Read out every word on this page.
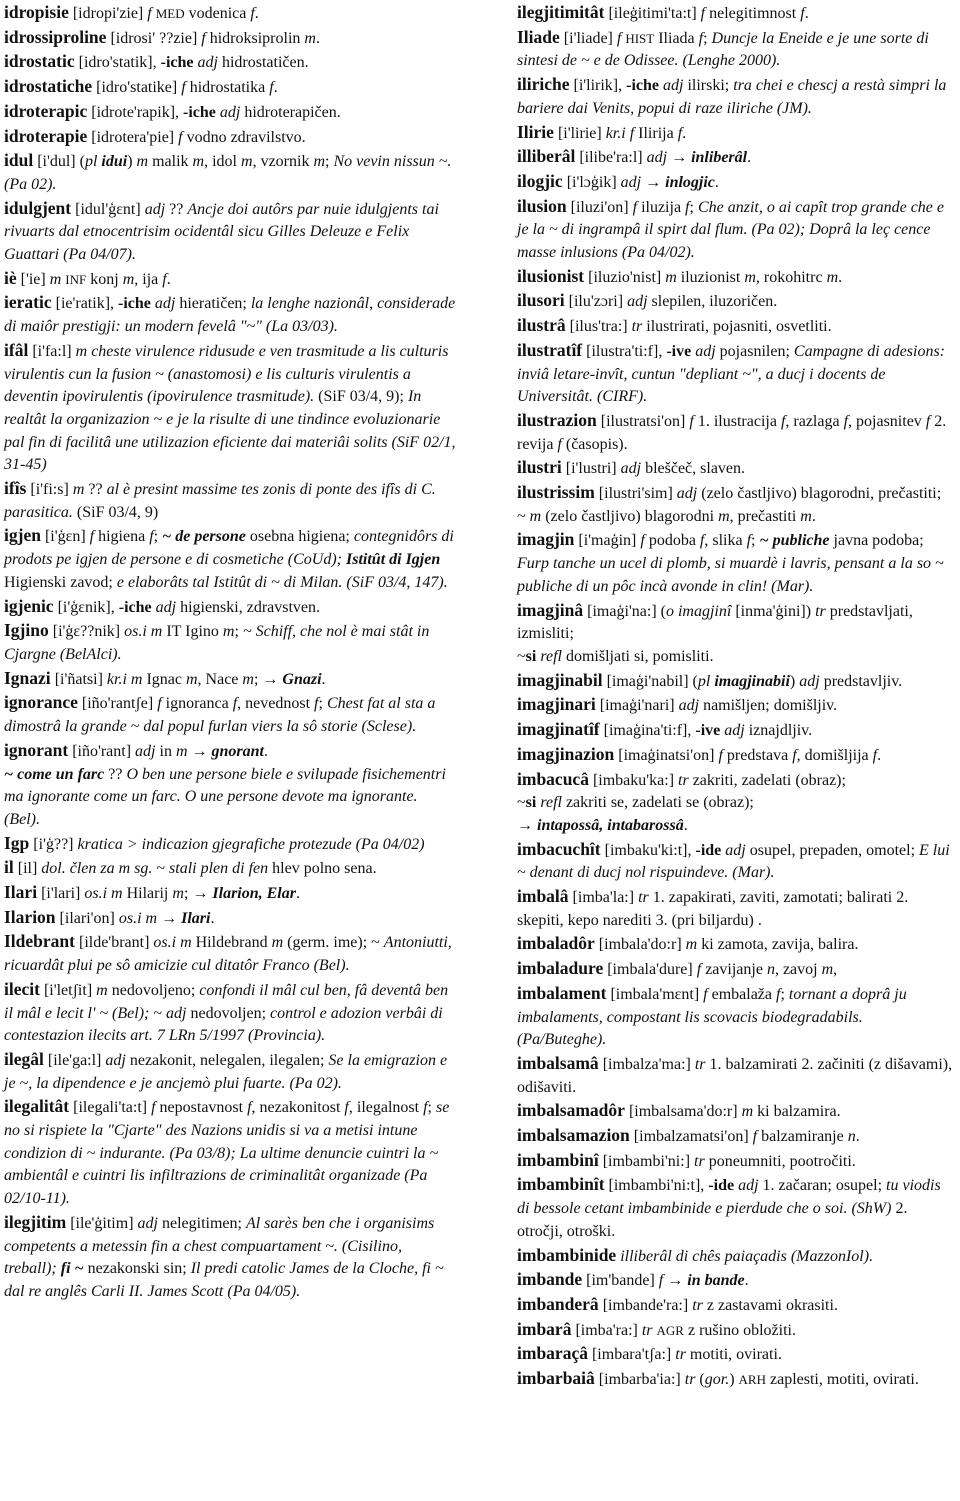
idropisie [idropi'zie] f MED vodenica f.

idrossiproline [idrosi' ??zie] f hidroksiprolin m.

idrostatic [idro'statik], -iche adj hidrostatičen.

idrostatiche [idro'statike] f hidrostatika f.

idroterapic [idrote'rapik], -iche adj hidroterapičen.

idroterapie [idrotera'pie] f vodno zdravilstvo.

idul [i'dul] (pl idui) m malik m, idol m, vzornik m; No vevin nissun ~.(Pa 02).

idulgjent [idul'ģɛnt] adj ?? Ancje doi autôrs par nuie idulgjents tai rivuarts dal etnocentrisim ocidentâl sicu Gilles Deleuze e Felix Guattari (Pa 04/07).

iè ['ie] m INF konj m, ija f.

ieratic [ie'ratik], -iche adj hieratičen; la lenghe nazionâl, considerade di maiôr prestigji: un modern fevelâ "~" (La 03/03).

ifâl [i'fa:l] m cheste virulence ridusude e ven trasmitude a lis culturis virulentis cun la fusion ~ (anastomosi) e lis culturis virulentis a deventin ipovirulentis (ipovirulence trasmitude). (SiF 03/4, 9); In realtât la organizazion ~ e je la risulte di une tindince evoluzionarie pal fin di facilitâ une utilizazion eficiente dai materiâi solits (SiF 02/1, 31-45)

ifîs [i'fi:s] m ?? al è presint massime tes zonis di ponte des ifîs di C. parasitica. (SiF 03/4, 9)

igjen [i'ģɛn] f higiena f; ~ de persone osebna higiena; contegnidôrs di prodots pe igjen de persone e di cosmetiche (CoUd); Istitût di Igjen Higienski zavod; e elaborâts tal Istitût di ~ di Milan. (SiF 03/4, 147).

igjenic [i'ģɛnik], -iche adj higienski, zdravstven.

Igjino [i'ģɛ??nik] os.i m IT Igino m; ~ Schiff, che nol è mai stât in Cjargne (BelAlci).

Ignazi [i'ñatsi] kr.i m Ignac m, Nace m; → Gnazi.

ignorance [iño'rantʃe] f ignoranca f, nevednost f; Chest fat al sta a dimostrâ la grande ~ dal popul furlan viers la sô storie (Sclese).

ignorant [iño'rant] adj in m → gnorant.

~ come un farc ?? O ben une persone biele e svilupade fisichementri ma ignorante come un farc. O une persone devote ma ignorante. (Bel).

Igp [i'ģ??] kratica > indicazion gjegrafiche protezude (Pa 04/02)

il [il] dol. člen za m sg. ~ stali plen di fen hlev polno sena.

Ilari [i'lari] os.i m Hilarij m; → Ilarion, Elar.

Ilarion [ilari'on] os.i m → Ilari.

Ildebrant [ilde'brant] os.i m Hildebrand m (germ. ime); ~ Antoniutti, ricuardât plui pe sô amicizie cul ditatôr Franco (Bel).

ilecit [i'letʃit] m nedovoljeno; confondi il mâl cul ben, fâ deventâ ben il mâl e lecit l' ~ (Bel); ~ adj nedovoljen; control e adozion verbâi di contestazion ilecits art. 7 LRn 5/1997 (Provincia).

ilegâl [ile'ga:l] adj nezakonit, nelegalen, ilegalen; Se la emigrazion e je ~, la dipendence e je ancjemò plui fuarte. (Pa 02).

ilegalitât [ilegali'ta:t] f nepostavnost f, nezakonitost f, ilegalnost f; se no si rispiete la "Cjarte" des Nazions unidis si va a metisi intune condizion di ~ indurante. (Pa 03/8); La ultime denuncie cuintri la ~ ambientâl e cuintri lis infiltrazions de criminalitât organizade (Pa 02/10-11).

ilegjitim [ile'ģitim] adj nelegitimen; Al sarès ben che i organisims competents a metessin fin a chest compuartament ~. (Cisilino, treball); fi ~ nezakonski sin; Il predi catolic James de la Cloche, fi ~ dal re anglês Carli II. James Scott (Pa 04/05).

ilegjitimitât [ileģitimi'ta:t] f nelegitimnost f.

Iliade [i'liade] f HIST Iliada f; Duncje la Eneide e je une sorte di sintesi de ~ e de Odissee. (Lenghe 2000).

iliriche [i'lirik], -iche adj ilirski; tra chei e chescj a restà simpri la bariere dai Venits, popui di raze iliriche (JM).

Ilirie [i'lirie] kr.i f Ilirija f.

illiberâl [ilibe'ra:l] adj → inliberâl.

ilogjic [i'lɔģik] adj → inlogjic.

ilusion [iluzi'on] f iluzija f; Che anzit, o ai capît trop grande che e je la ~ di ingrampâ il spirt dal flum. (Pa 02); Doprâ la leç cence masse inlusions (Pa 04/02).

ilusionist [iluzio'nist] m iluzionist m, rokohitrc m.

ilusori [ilu'zɔri] adj slepilen, iluzoričen.

ilustrâ [ilus'tra:] tr ilustrirati, pojasniti, osvetliti.

ilustratîf [ilustra'ti:f], -ive adj pojasnilen; Campagne di adesions: inviâ letare-invît, cuntun "depliant ~", a ducj i docents de Universitât. (CIRF).

ilustrazion [ilustratsi'on] f 1. ilustracija f, razlaga f, pojasnitev f 2. revija f (časopis).

ilustri [i'lustri] adj bleščeč, slaven.

ilustrissim [ilustri'sim] adj (zelo častljivo) blagorodni, prečastiti;

~ m (zelo častljivo) blagorodni m, prečastiti m.

imagjin [i'maģin] f podoba f, slika f; ~ publiche javna podoba; Furp tanche un ucel di plomb, si muardè i lavris, pensant a la so ~ publiche di un pôc incà avonde in clin! (Mar).

imagjinâ [imaģi'na:] (o imagjinî [inma'ģini]) tr predstavljati, izmisliti;

~si refl domišljati si, pomisliti.

imagjinabil [imaģi'nabil] (pl imagjinabii) adj predstavljiv.

imagjinari [imaģi'nari] adj namišljen; domišljiv.

imagjinatîf [imaģina'ti:f], -ive adj iznajdljiv.

imagjinazion [imaģinatsi'on] f predstava f, domišljija f.

imbacucâ [imbaku'ka:] tr zakriti, zadelati (obraz);

~si refl zakriti se, zadelati se (obraz);

→ intapossâ, intabarossâ.

imbacuchît [imbaku'ki:t], -ide adj osupel, prepaden, omotel; E lui ~ denant di ducj nol rispuindeve. (Mar).

imbalâ [imba'la:] tr 1. zapakirati, zaviti, zamotati; balirati 2. skepiti, kepo narediti 3. (pri biljardu) .

imbaladôr [imbala'do:r] m ki zamota, zavija, balira.

imbaladure [imbala'dure] f zavijanje n, zavoj m,

imbalament [imbala'mɛnt] f embalaža f; tornant a doprâ ju imbalaments, compostant lis scovacis biodegradabils. (Pa/Buteghe).

imbalsamâ [imbalza'ma:] tr 1. balzamirati 2. začiniti (z dišavami), odišaviti.

imbalsamadôr [imbalsama'do:r] m ki balzamira.

imbalsamazion [imbalzamatsi'on] f balzamiranje n.

imbambinî [imbambi'ni:] tr poneumniti, pootročiti.

imbambinît [imbambi'ni:t], -ide adj 1. začaran; osupel; tu viodis di bessole cetant imbambinide e pierdude che o soi. (ShW) 2. otročji, otroški.

imbambinide illiberâl di chês paiaçadis (MazzonIol).

imbande [im'bande] f → in bande.

imbanderâ [imbande'ra:] tr z zastavami okrasiti.

imbarâ [imba'ra:] tr AGR z rušino obložiti.

imbaraçâ [imbara'tʃa:] tr motiti, ovirati.

imbarbaiâ [imbarba'ia:] tr (gor.) ARH zaplesti, motiti, ovirati.
